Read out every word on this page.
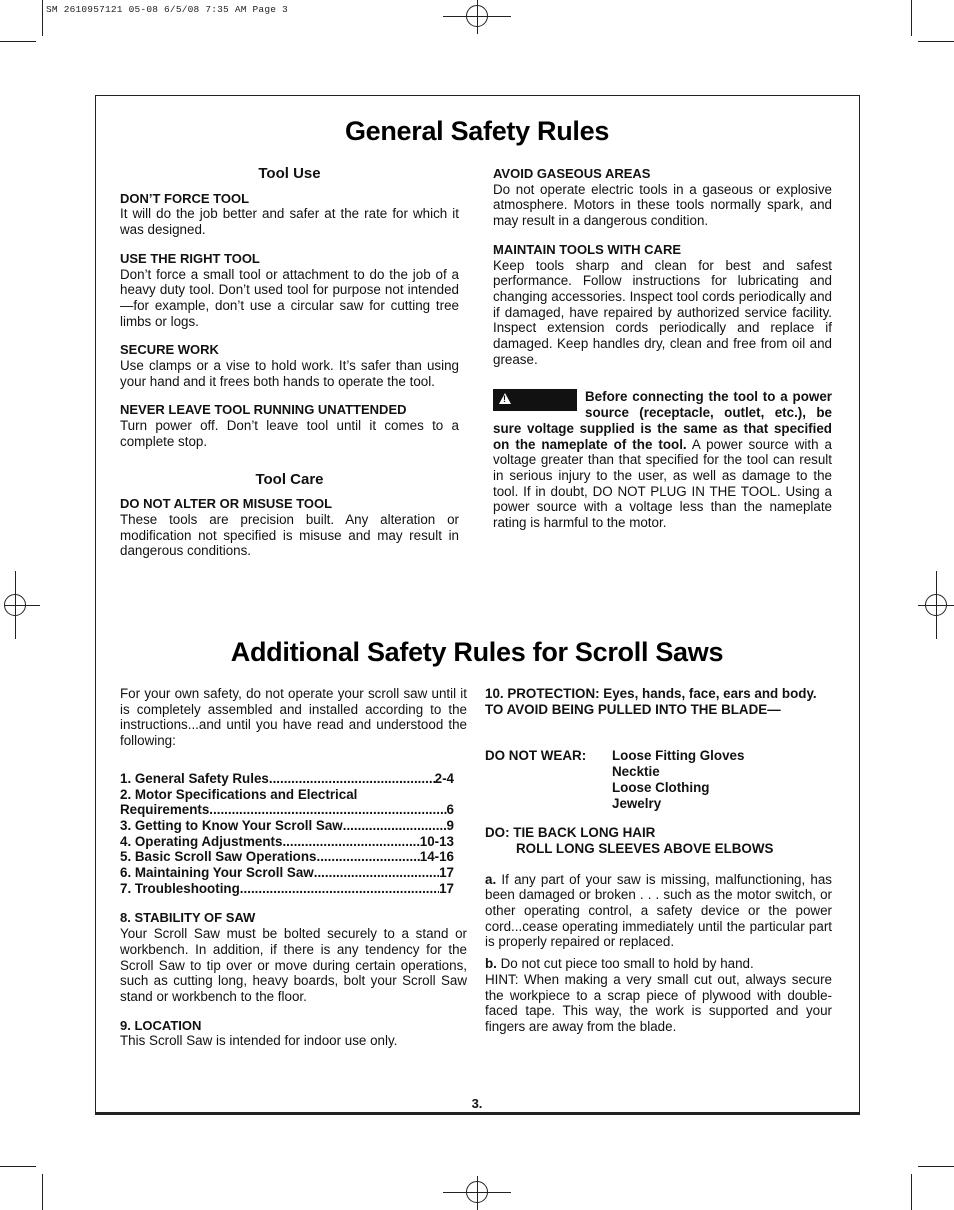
SM 2610957121 05-08 6/5/08 7:35 AM Page 3
General Safety Rules
Tool Use
DON’T FORCE TOOL

It will do the job better and safer at the rate for which it was designed.

USE THE RIGHT TOOL

Don’t force a small tool or attachment to do the job of a heavy duty tool. Don’t used tool for purpose not intended—for example, don’t use a circular saw for cutting tree limbs or logs.

SECURE WORK

Use clamps or a vise to hold work. It’s safer than using your hand and it frees both hands to operate the tool.

NEVER LEAVE TOOL RUNNING UNATTENDED

Turn power off. Don’t leave tool until it comes to a complete stop.

Tool Care
DO NOT ALTER OR MISUSE TOOL

These tools are precision built. Any alteration or modification not specified is misuse and may result in dangerous conditions.

AVOID GASEOUS AREAS

Do not operate electric tools in a gaseous or explosive atmosphere. Motors in these tools normally spark, and may result in a dangerous condition.

MAINTAIN TOOLS WITH CARE

Keep tools sharp and clean for best and safest performance. Follow instructions for lubricating and changing accessories. Inspect tool cords periodically and if damaged, have repaired by authorized service facility. Inspect extension cords periodically and replace if damaged. Keep handles dry, clean and free from oil and grease.

!WARNING

Before connecting the tool to a power source (receptacle, outlet, etc.), be sure voltage supplied is the same as that specified on the nameplate of the tool. A power source with a voltage greater than that specified for the tool can result in serious injury to the user, as well as damage to the tool. If in doubt, DO NOT PLUG IN THE TOOL. Using a power source with a voltage less than the nameplate rating is harmful to the motor.

Additional Safety Rules for Scroll Saws

For your own safety, do not operate your scroll saw until it is completely assembled and installed according to the instructions...and until you have read and understood the following:

1. General Safety Rules .....	2-4
2. Motor Specifications and Electrical
Requirements .....	6
3. Getting to Know Your Scroll Saw .....	9
4. Operating Adjustments .....	10-13
5. Basic Scroll Saw Operations .....	14-16
6. Maintaining Your Scroll Saw .....	17
7. Troubleshooting .....	17
8. STABILITY OF SAW

Your Scroll Saw must be bolted securely to a stand or workbench. In addition, if there is any tendency for the Scroll Saw to tip over or move during certain operations, such as cutting long, heavy boards, bolt your Scroll Saw stand or workbench to the floor.

9. LOCATION

This Scroll Saw is intended for indoor use only.

10. PROTECTION: Eyes, hands, face, ears and body.

TO AVOID BEING PULLED INTO THE BLADE—

DO NOT WEAR:	Loose Fitting Gloves
Necktie
Loose Clothing
Jewelry

DO: TIE BACK LONG HAIR

ROLL LONG SLEEVES ABOVE ELBOWS

a. If any part of your saw is missing, malfunctioning, has been damaged or broken . . . such as the motor switch, or other operating control, a safety device or the power cord...cease operating immediately until the particular part is properly repaired or replaced.

b. Do not cut piece too small to hold by hand.

HINT: When making a very small cut out, always secure the workpiece to a scrap piece of plywood with double-faced tape. This way, the work is supported and your fingers are away from the blade.

3.
